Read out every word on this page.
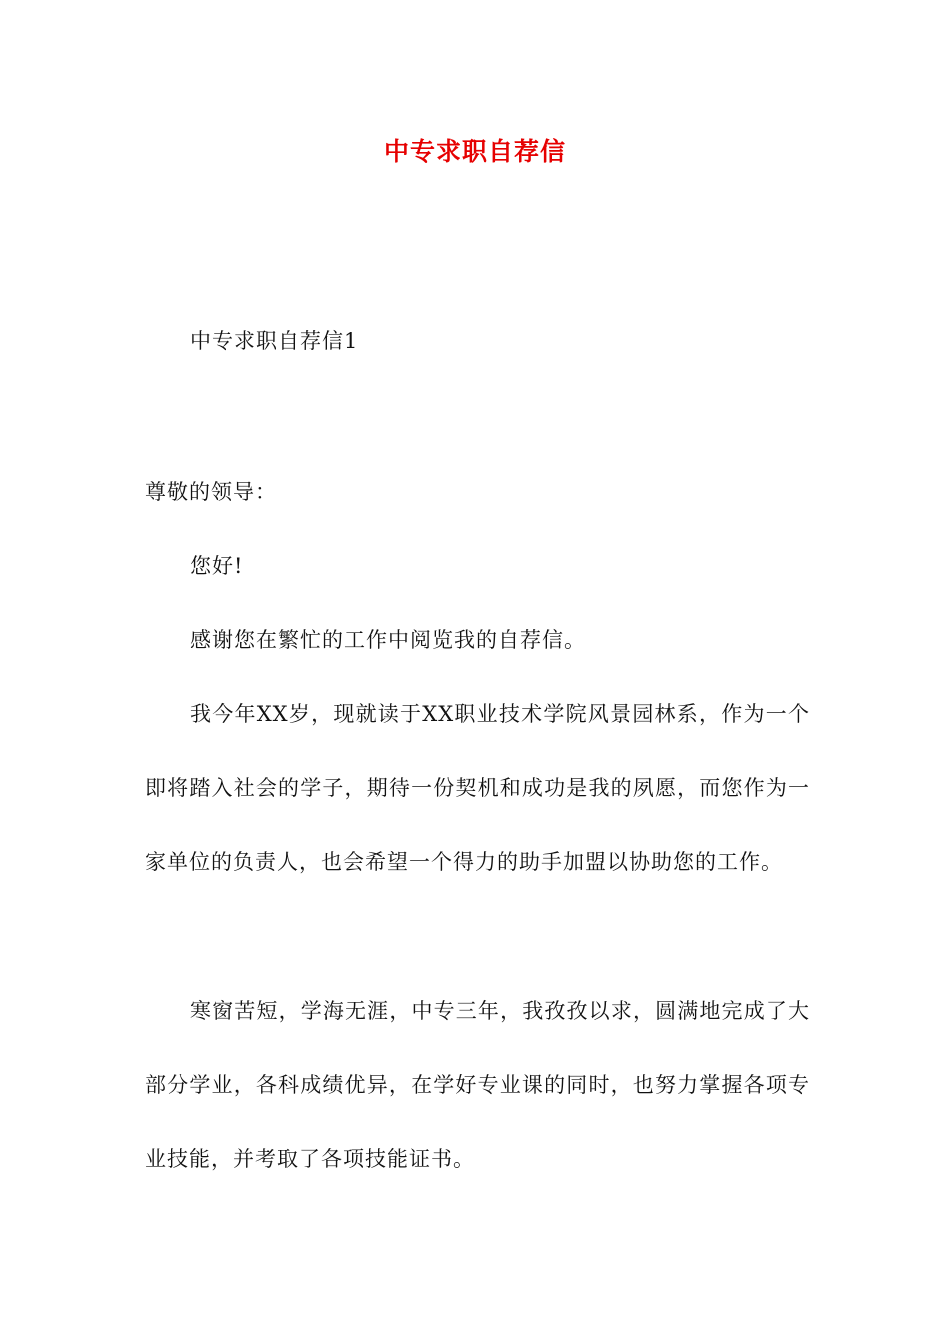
中专求职自荐信

中专求职自荐信1

尊敬的领导：

您好!

感谢您在繁忙的工作中阅览我的自荐信。

我今年XX岁，现就读于XX职业技术学院风景园林系，作为一个即将踏入社会的学子，期待一份契机和成功是我的夙愿，而您作为一家单位的负责人，也会希望一个得力的助手加盟以协助您的工作。

寒窗苦短，学海无涯，中专三年，我孜孜以求，圆满地完成了大部分学业，各科成绩优异，在学好专业课的同时，也努力掌握各项专业技能，并考取了各项技能证书。
